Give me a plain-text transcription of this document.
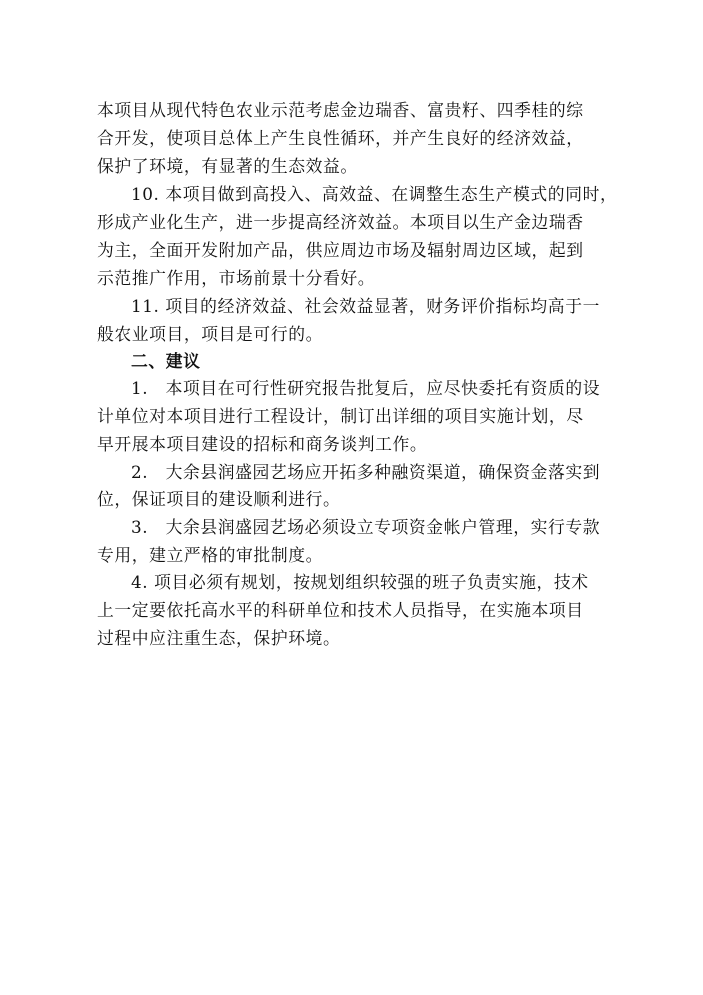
本项目从现代特色农业示范考虑金边瑞香、富贵籽、四季桂的综
合开发，使项目总体上产生良性循环，并产生良好的经济效益，
保护了环境，有显著的生态效益。
10. 本项目做到高投入、高效益、在调整生态生产模式的同时，
形成产业化生产，进一步提高经济效益。本项目以生产金边瑞香
为主，全面开发附加产品，供应周边市场及辐射周边区域，起到
示范推广作用，市场前景十分看好。
11. 项目的经济效益、社会效益显著，财务评价指标均高于一
般农业项目，项目是可行的。
二、建议
1.　本项目在可行性研究报告批复后，应尽快委托有资质的设
计单位对本项目进行工程设计，制订出详细的项目实施计划，尽
早开展本项目建设的招标和商务谈判工作。
2.　大余县润盛园艺场应开拓多种融资渠道，确保资金落实到
位，保证项目的建设顺利进行。
3.　大余县润盛园艺场必须设立专项资金帐户管理，实行专款
专用，建立严格的审批制度。
4. 项目必须有规划，按规划组织较强的班子负责实施，技术
上一定要依托高水平的科研单位和技术人员指导，在实施本项目
过程中应注重生态，保护环境。
